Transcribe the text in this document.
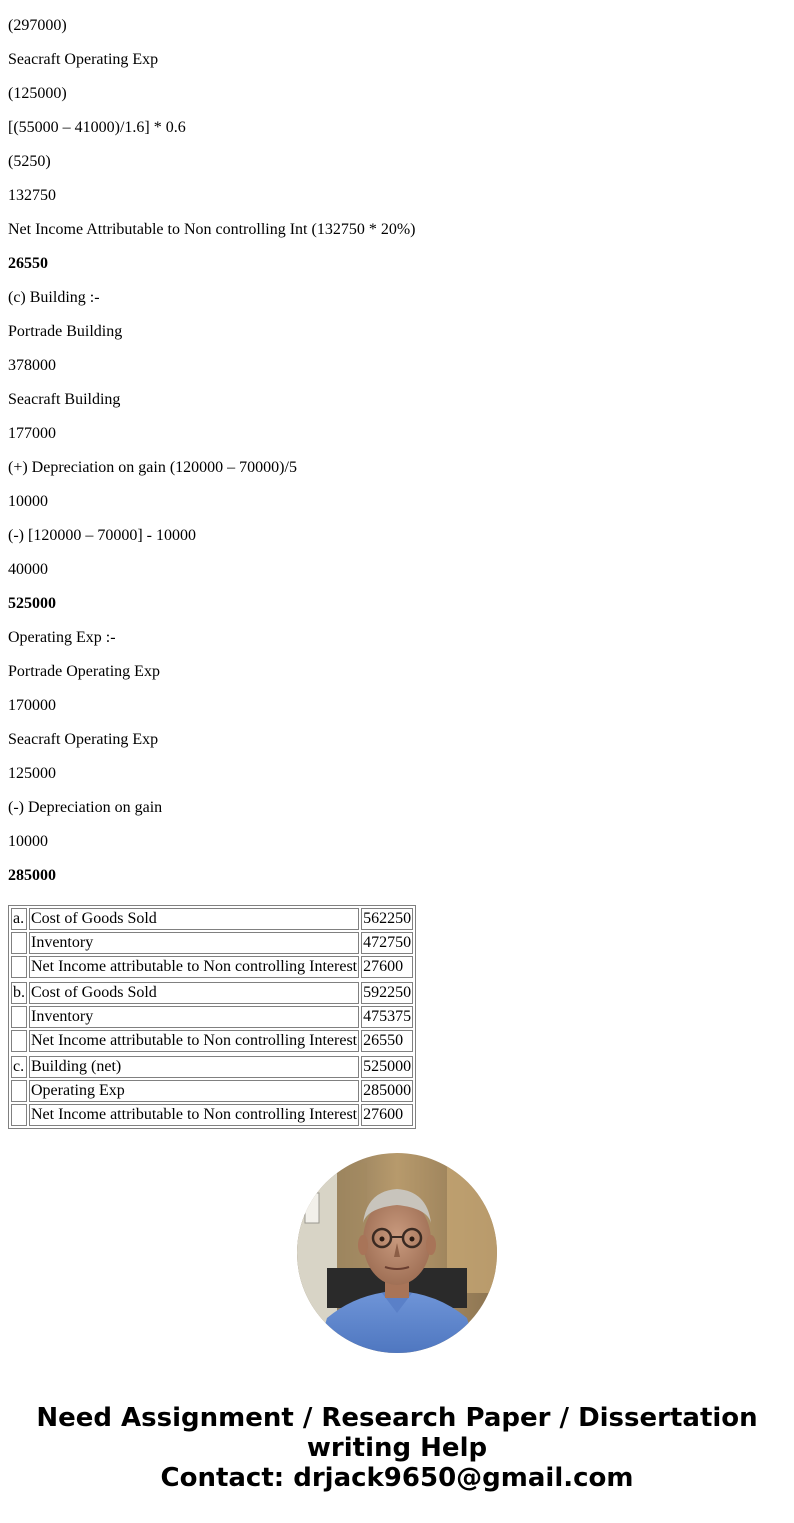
(297000)

Seacraft Operating Exp

(125000)

[(55000 – 41000)/1.6] * 0.6

(5250)

132750

Net Income Attributable to Non controlling Int (132750 * 20%)

26550

(c) Building :-

Portrade Building

378000

Seacraft Building

177000

(+) Depreciation on gain (120000 – 70000)/5

10000

(-) [120000 – 70000] - 10000

40000

525000

Operating Exp :-

Portrade Operating Exp

170000

Seacraft Operating Exp

125000

(-) Depreciation on gain

10000

285000

a.	Cost of Goods Sold	562250
	Inventory	472750
	Net Income attributable to Non controlling Interest	27600

b.	Cost of Goods Sold	592250
	Inventory	475375
	Net Income attributable to Non controlling Interest	26550

c.	Building (net)	525000
	Operating Exp	285000
	Net Income attributable to Non controlling Interest	27600
Need Assignment / Research Paper / Dissertation
writing Help
Contact: drjack9650@gmail.com
